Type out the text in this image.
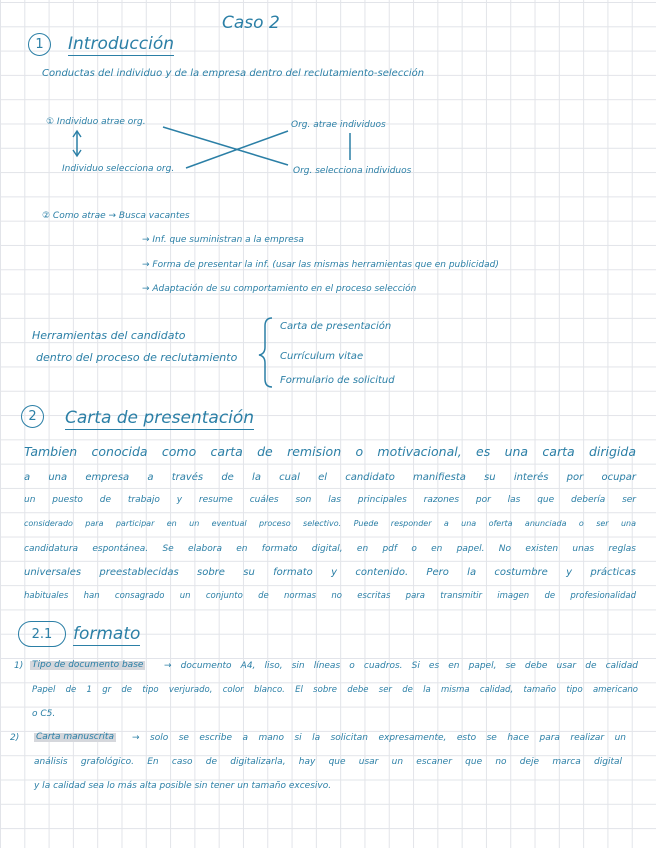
Caso 2
1	Introducción
Conductas del individuo y de la empresa dentro del reclutamiento-selección
① Individuo atrae org.
Individuo selecciona org.
Org. atrae individuos
Org. selecciona individuos
② Como atrae → Busca vacantes
→ Inf. que suministran a la empresa
→ Forma de presentar la inf. (usar las mismas herramientas que en publicidad)
→ Adaptación de su comportamiento en el proceso selección
Herramientas del candidato
dentro del proceso de reclutamiento
Carta de presentación
Currículum vitae
Formulario de solicitud
2	Carta de presentación
Tambien conocida como carta de remision o motivacional, es una carta dirigida
a una empresa a través de la cual el candidato manifiesta su interés por ocupar
un puesto de trabajo y resume cuáles son las principales razones por las que debería ser
considerado para participar en un eventual proceso selectivo. Puede responder a una oferta anunciada o ser una
candidatura espontánea. Se elabora en formato digital, en pdf o en papel. No existen unas reglas
universales preestablecidas sobre su formato y contenido. Pero la costumbre y prácticas
habituales han consagrado un conjunto de normas no escritas para transmitir imagen de profesionalidad
2.1	formato
1) Tipo de documento base → documento A4, liso, sin líneas o cuadros. Si es en papel, se debe usar de calidad
Papel de 1 gr de tipo verjurado, color blanco. El sobre debe ser de la misma calidad, tamaño tipo americano
o C5.
2) Carta manuscrita → solo se escribe a mano si la solicitan expresamente, esto se hace para realizar un
análisis grafológico. En caso de digitalizarla, hay que usar un escaner que no deje marca digital
y la calidad sea lo más alta posible sin tener un tamaño excesivo.
